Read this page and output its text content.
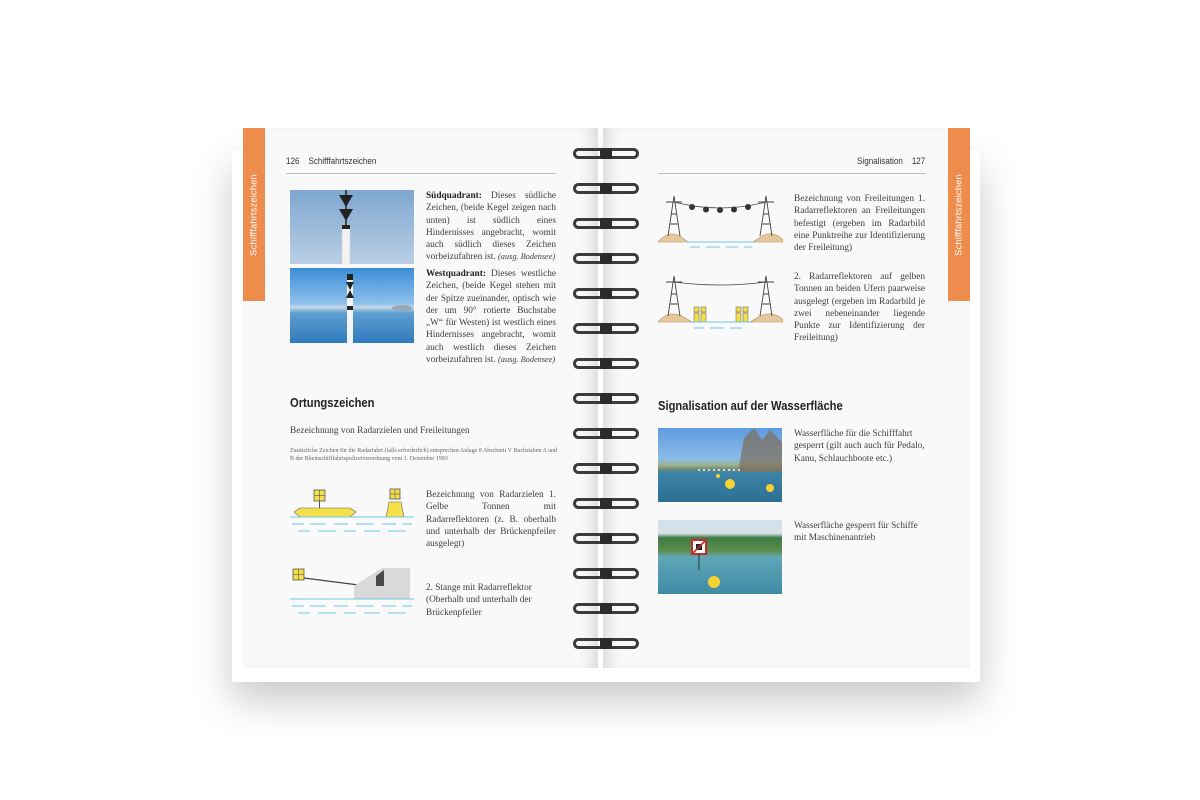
Schifffahrtszeichen
126 Schifffahrtszeichen
Südquadrant: Dieses südliche Zeichen, (beide Kegel zeigen nach unten) ist südlich eines Hindernisses angebracht, womit auch südlich dieses Zeichen vorbeizufahren ist. (ausg. Bodensee)
Westquadrant: Dieses westliche Zeichen, (beide Kegel stehen mit der Spitze zueinander, optisch wie der um 90° rotierte Buchstabe „W“ für Westen) ist westlich eines Hindernisses angebracht, womit auch westlich dieses Zeichen vorbeizufahren ist. (ausg. Bodensee)
Ortungszeichen
Bezeichnung von Radarzielen und Freileitungen
Zusätzliche Zeichen für die Radarfahrt (falls erforderlich) entsprechen Anlage 8 Abschnitt V Buchstaben A und B der Rheinschifffahrtspolizeiverordnung vom 1. Dezember 1993
Bezeichnung von Radarzielen 1. Gelbe Tonnen mit Radarreflektoren (z. B. oberhalb und unterhalb der Brückenpfeiler ausgelegt)
2. Stange mit Radarreflektor (Oberhalb und unterhalb der Brückenpfeiler
Schifffahrtszeichen
Signalisation 127
Bezeichnung von Freileitungen 1. Radarreflektoren an Freileitungen befestigt (ergeben im Radarbild eine Punktreihe zur Identifizierung der Freileitung)
2. Radarreflektoren auf gelben Tonnen an beiden Ufern paarweise ausgelegt (ergeben im Radarbild je zwei nebeneinander liegende Punkte zur Identifizierung der Freileitung)
Signalisation auf der Wasserfläche
Wasserfläche für die Schifffahrt gesperrt (gilt auch auch für Pedalo, Kanu, Schlauchboote etc.)
Wasserfläche gesperrt für Schiffe mit Maschinenantrieb
